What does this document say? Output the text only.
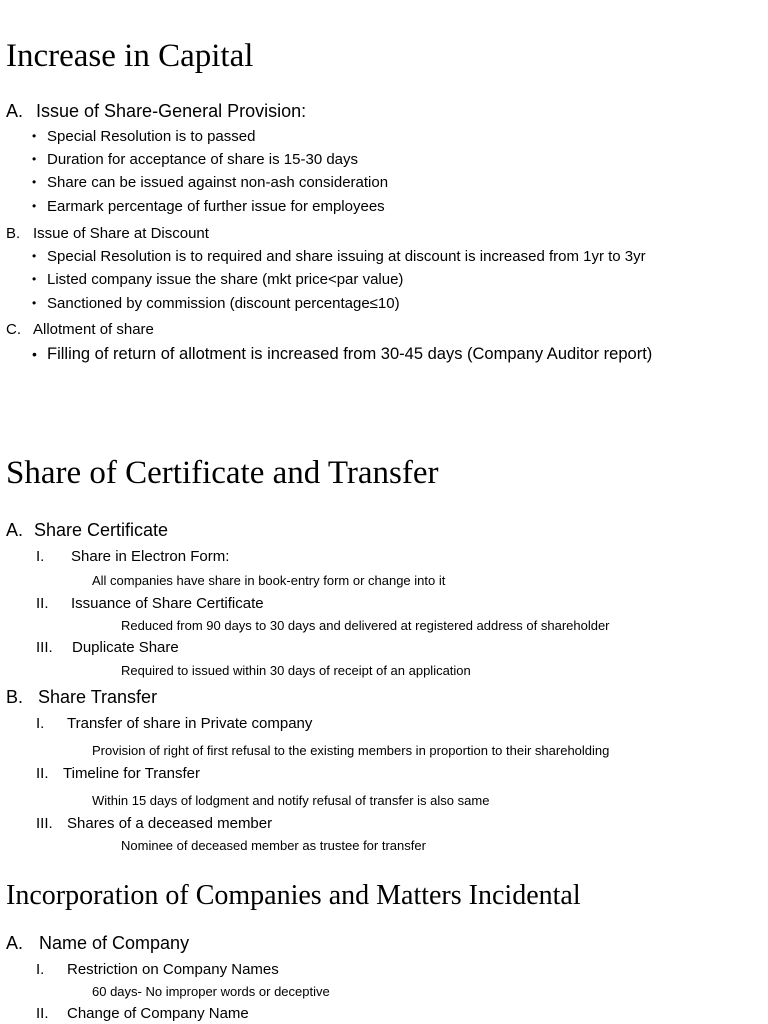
Increase in Capital
A. Issue of Share-General Provision:
• Special Resolution is to passed
• Duration for acceptance of share is 15-30 days
• Share can be issued against non-ash consideration
• Earmark percentage of further issue for employees
B. Issue of Share at Discount
• Special Resolution is to required and share issuing at discount is increased from 1yr to 3yr
• Listed company issue the share (mkt price<par value)
• Sanctioned by commission (discount percentage≤10)
C. Allotment of share
• Filling of return of allotment is increased from 30-45 days (Company Auditor report)
Share of Certificate and Transfer
A. Share Certificate
I. Share in Electron Form:
All companies have share in book-entry form or change into it
II. Issuance of Share Certificate
Reduced from 90 days to 30 days and delivered at registered address of shareholder
III. Duplicate Share
Required to issued within 30 days of receipt of an application
B. Share Transfer
I. Transfer of share in Private company
Provision of right of first refusal to the existing members in proportion to their shareholding
II. Timeline for Transfer
Within 15 days of lodgment and notify refusal of transfer is also same
III. Shares of a deceased member
Nominee of deceased member as trustee for transfer
Incorporation of Companies and Matters Incidental
A. Name of Company
I. Restriction on Company Names
60 days- No improper words or deceptive
II. Change of Company Name
